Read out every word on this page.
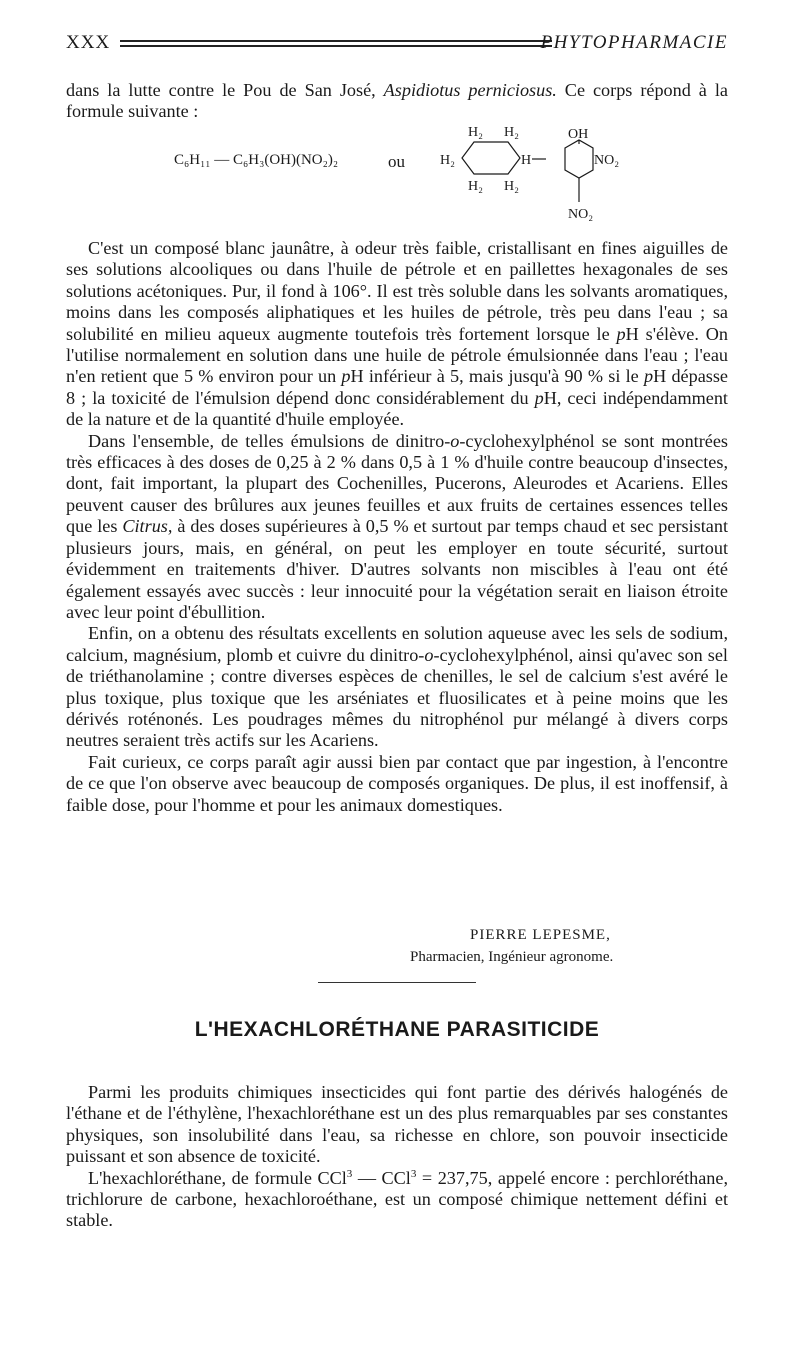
XXX	PHYTOPHARMACIE

dans la lutte contre le Pou de San José, Aspidiotus perniciosus. Ce corps répond à la formule suivante :

C₆H₁₁ — C₆H₃(OH)(NO₂)₂	ou
H₂ H₂
H₂	H
H₂ H₂
OH
NO₂
NO₂

C'est un composé blanc jaunâtre, à odeur très faible, cristallisant en fines aiguilles de ses solutions alcooliques ou dans l'huile de pétrole et en paillettes hexagonales de ses solutions acétoniques. Pur, il fond à 106°. Il est très soluble dans les solvants aromatiques, moins dans les composés aliphatiques et les huiles de pétrole, très peu dans l'eau ; sa solubilité en milieu aqueux augmente toutefois très fortement lorsque le pH s'élève. On l'utilise normalement en solution dans une huile de pétrole émulsionnée dans l'eau ; l'eau n'en retient que 5 % environ pour un pH inférieur à 5, mais jusqu'à 90 % si le pH dépasse 8 ; la toxicité de l'émulsion dépend donc considérablement du pH, ceci indépendamment de la nature et de la quantité d'huile employée.

Dans l'ensemble, de telles émulsions de dinitro-o-cyclohexylphénol se sont montrées très efficaces à des doses de 0,25 à 2 % dans 0,5 à 1 % d'huile contre beaucoup d'insectes, dont, fait important, la plupart des Cochenilles, Pucerons, Aleurodes et Acariens. Elles peuvent causer des brûlures aux jeunes feuilles et aux fruits de certaines essences telles que les Citrus, à des doses supérieures à 0,5 % et surtout par temps chaud et sec persistant plusieurs jours, mais, en général, on peut les employer en toute sécurité, surtout évidemment en traitements d'hiver. D'autres solvants non miscibles à l'eau ont été également essayés avec succès : leur innocuité pour la végétation serait en liaison étroite avec leur point d'ébullition.

Enfin, on a obtenu des résultats excellents en solution aqueuse avec les sels de sodium, calcium, magnésium, plomb et cuivre du dinitro-o-cyclohexylphénol, ainsi qu'avec son sel de triéthanolamine ; contre diverses espèces de chenilles, le sel de calcium s'est avéré le plus toxique, plus toxique que les arséniates et fluosilicates et à peine moins que les dérivés roténonés. Les poudrages mêmes du nitrophénol pur mélangé à divers corps neutres seraient très actifs sur les Acariens.

Fait curieux, ce corps paraît agir aussi bien par contact que par ingestion, à l'encontre de ce que l'on observe avec beaucoup de composés organiques. De plus, il est inoffensif, à faible dose, pour l'homme et pour les animaux domestiques.

PIERRE LEPESME,
Pharmacien, Ingénieur agronome.
L'HEXACHLORÉTHANE PARASITICIDE

Parmi les produits chimiques insecticides qui font partie des dérivés halogénés de l'éthane et de l'éthylène, l'hexachloréthane est un des plus remarquables par ses constantes physiques, son insolubilité dans l'eau, sa richesse en chlore, son pouvoir insecticide puissant et son absence de toxicité.

L'hexachloréthane, de formule CCl$^3$ — CCl$^3$ = 237,75, appelé encore : perchloréthane, trichlorure de carbone, hexachloroéthane, est un composé chimique nettement défini et stable.
